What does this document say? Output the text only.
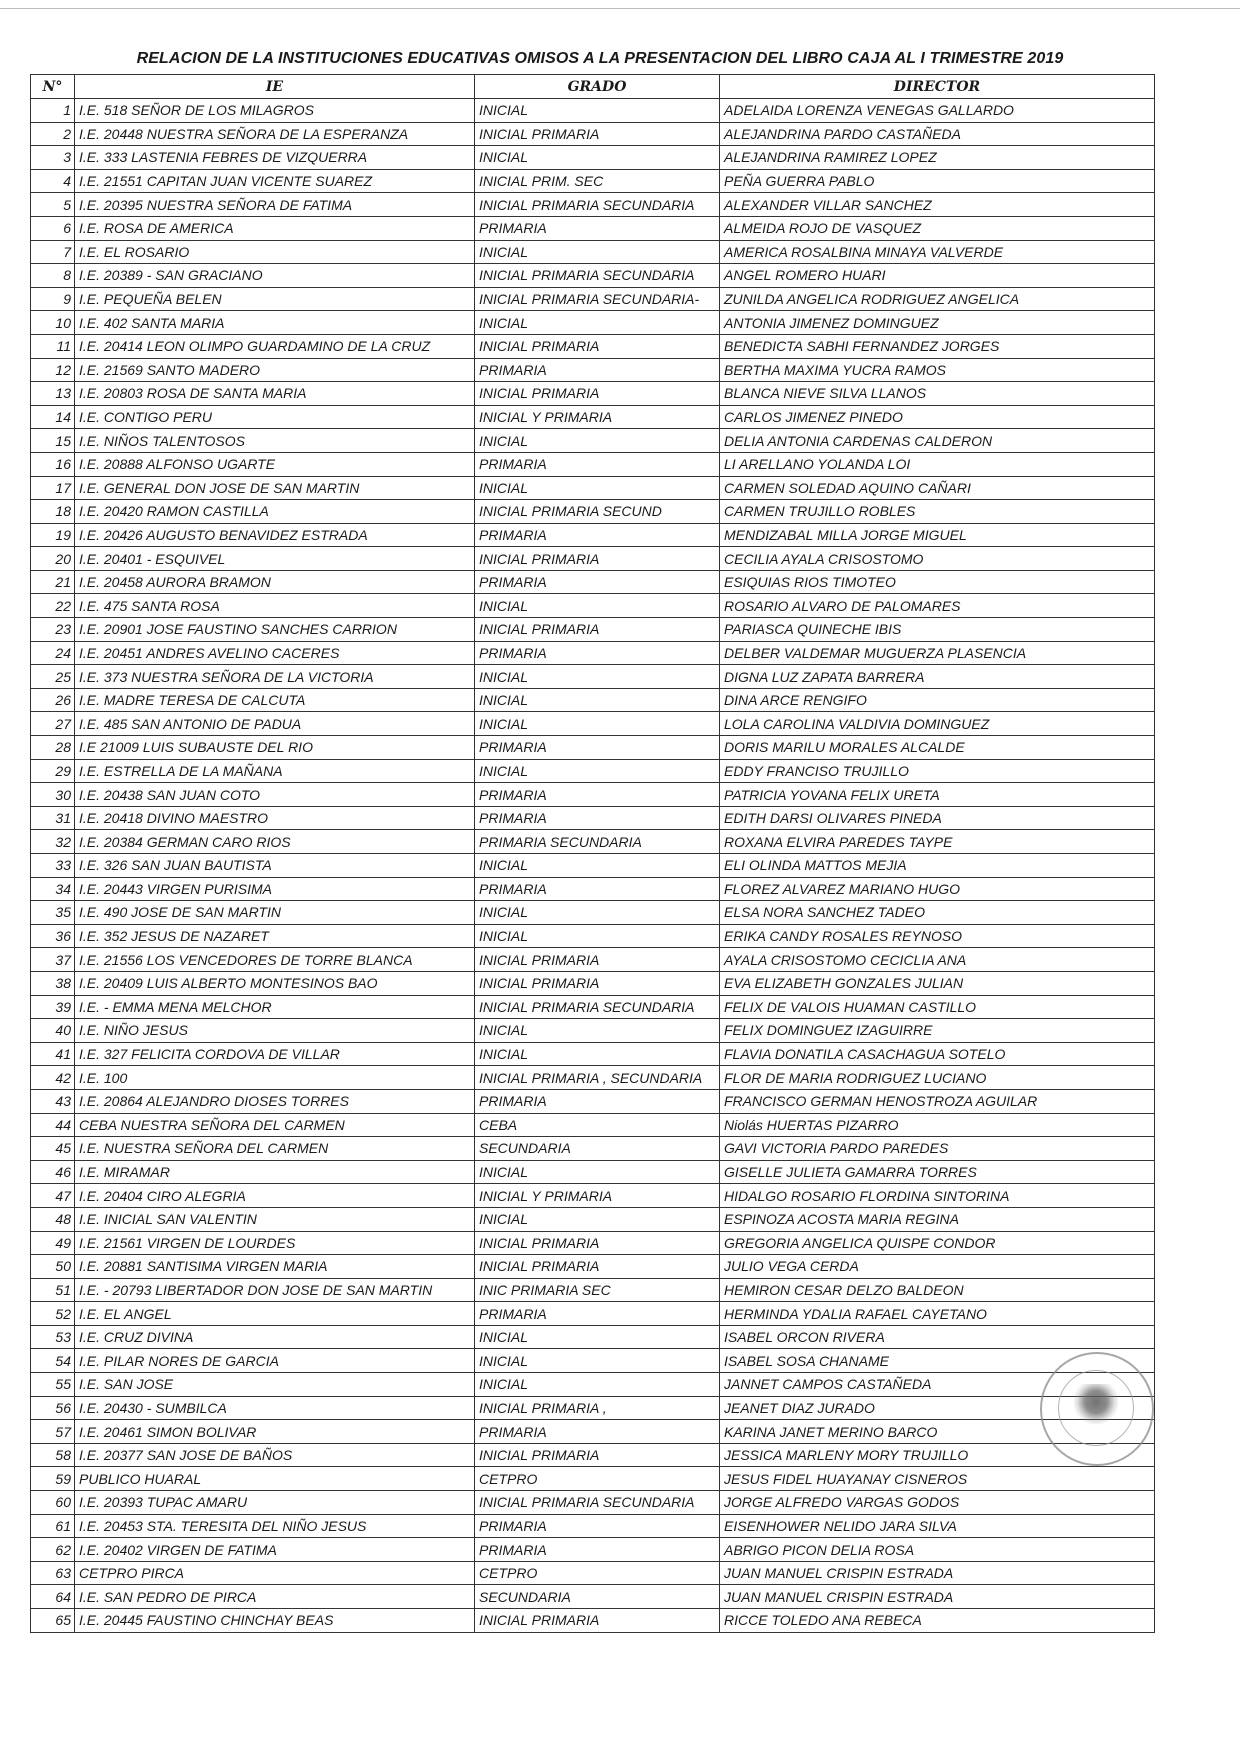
RELACION DE LA INSTITUCIONES EDUCATIVAS OMISOS A LA PRESENTACION DEL LIBRO CAJA AL I TRIMESTRE 2019
N°	IE	GRADO	DIRECTOR
1	I.E. 518 SEÑOR DE LOS MILAGROS	INICIAL	ADELAIDA LORENZA VENEGAS GALLARDO
2	I.E. 20448 NUESTRA SEÑORA DE LA ESPERANZA	INICIAL PRIMARIA	ALEJANDRINA PARDO CASTAÑEDA
3	I.E. 333 LASTENIA FEBRES DE VIZQUERRA	INICIAL	ALEJANDRINA RAMIREZ LOPEZ
4	I.E. 21551 CAPITAN JUAN VICENTE SUAREZ	INICIAL PRIM. SEC	PEÑA GUERRA PABLO
5	I.E. 20395 NUESTRA SEÑORA DE FATIMA	INICIAL PRIMARIA SECUNDARIA	ALEXANDER VILLAR SANCHEZ
6	I.E. ROSA DE AMERICA	PRIMARIA	ALMEIDA ROJO DE VASQUEZ
7	I.E. EL ROSARIO	INICIAL	AMERICA ROSALBINA MINAYA VALVERDE
8	I.E. 20389 - SAN GRACIANO	INICIAL PRIMARIA SECUNDARIA	ANGEL ROMERO HUARI
9	I.E. PEQUEÑA BELEN	INICIAL PRIMARIA SECUNDARIA-	ZUNILDA ANGELICA RODRIGUEZ ANGELICA
10	I.E. 402 SANTA MARIA	INICIAL	ANTONIA JIMENEZ DOMINGUEZ
11	I.E. 20414 LEON OLIMPO GUARDAMINO DE LA CRUZ	INICIAL PRIMARIA	BENEDICTA SABHI FERNANDEZ JORGES
12	I.E. 21569 SANTO MADERO	PRIMARIA	BERTHA MAXIMA YUCRA RAMOS
13	I.E. 20803 ROSA DE SANTA MARIA	INICIAL PRIMARIA	BLANCA NIEVE SILVA LLANOS
14	I.E. CONTIGO PERU	INICIAL Y PRIMARIA	CARLOS JIMENEZ PINEDO
15	I.E. NIÑOS TALENTOSOS	INICIAL	DELIA ANTONIA CARDENAS CALDERON
16	I.E. 20888 ALFONSO UGARTE	PRIMARIA	LI ARELLANO YOLANDA LOI
17	I.E. GENERAL DON JOSE DE SAN MARTIN	INICIAL	CARMEN SOLEDAD AQUINO CAÑARI
18	I.E. 20420 RAMON CASTILLA	INICIAL PRIMARIA SECUND	CARMEN TRUJILLO ROBLES
19	I.E. 20426 AUGUSTO BENAVIDEZ ESTRADA	PRIMARIA	MENDIZABAL MILLA JORGE MIGUEL
20	I.E. 20401 - ESQUIVEL	INICIAL PRIMARIA	CECILIA AYALA CRISOSTOMO
21	I.E. 20458 AURORA BRAMON	PRIMARIA	ESIQUIAS RIOS TIMOTEO
22	I.E. 475 SANTA ROSA	INICIAL	ROSARIO ALVARO DE PALOMARES
23	I.E. 20901 JOSE FAUSTINO SANCHES CARRION	INICIAL PRIMARIA	PARIASCA QUINECHE IBIS
24	I.E. 20451 ANDRES AVELINO CACERES	PRIMARIA	DELBER VALDEMAR MUGUERZA PLASENCIA
25	I.E. 373 NUESTRA SEÑORA DE LA VICTORIA	INICIAL	DIGNA LUZ ZAPATA BARRERA
26	I.E. MADRE TERESA DE CALCUTA	INICIAL	DINA ARCE RENGIFO
27	I.E. 485 SAN ANTONIO DE PADUA	INICIAL	LOLA CAROLINA VALDIVIA DOMINGUEZ
28	I.E 21009 LUIS SUBAUSTE DEL RIO	PRIMARIA	DORIS MARILU MORALES ALCALDE
29	I.E. ESTRELLA DE LA MAÑANA	INICIAL	EDDY FRANCISO TRUJILLO
30	I.E. 20438 SAN JUAN COTO	PRIMARIA	PATRICIA YOVANA FELIX URETA
31	I.E. 20418 DIVINO MAESTRO	PRIMARIA	EDITH DARSI OLIVARES PINEDA
32	I.E. 20384 GERMAN CARO RIOS	PRIMARIA SECUNDARIA	ROXANA ELVIRA PAREDES TAYPE
33	I.E. 326 SAN JUAN BAUTISTA	INICIAL	ELI OLINDA MATTOS MEJIA
34	I.E. 20443 VIRGEN PURISIMA	PRIMARIA	FLOREZ ALVAREZ MARIANO HUGO
35	I.E. 490 JOSE DE SAN MARTIN	INICIAL	ELSA NORA SANCHEZ TADEO
36	I.E. 352 JESUS DE NAZARET	INICIAL	ERIKA CANDY ROSALES REYNOSO
37	I.E. 21556 LOS VENCEDORES DE TORRE BLANCA	INICIAL PRIMARIA	AYALA CRISOSTOMO CECICLIA ANA
38	I.E. 20409 LUIS ALBERTO MONTESINOS BAO	INICIAL PRIMARIA	EVA ELIZABETH GONZALES JULIAN
39	I.E. - EMMA MENA MELCHOR	INICIAL PRIMARIA SECUNDARIA	FELIX DE VALOIS HUAMAN CASTILLO
40	I.E. NIÑO JESUS	INICIAL	FELIX DOMINGUEZ IZAGUIRRE
41	I.E. 327 FELICITA CORDOVA DE VILLAR	INICIAL	FLAVIA DONATILA CASACHAGUA SOTELO
42	I.E. 100	INICIAL PRIMARIA , SECUNDARIA	FLOR DE MARIA RODRIGUEZ LUCIANO
43	I.E. 20864 ALEJANDRO DIOSES TORRES	PRIMARIA	FRANCISCO GERMAN HENOSTROZA AGUILAR
44	CEBA NUESTRA SEÑORA DEL CARMEN	CEBA	Niolás HUERTAS PIZARRO
45	I.E. NUESTRA SEÑORA DEL CARMEN	SECUNDARIA	GAVI VICTORIA PARDO PAREDES
46	I.E. MIRAMAR	INICIAL	GISELLE JULIETA GAMARRA TORRES
47	I.E. 20404 CIRO ALEGRIA	INICIAL Y PRIMARIA	HIDALGO ROSARIO FLORDINA SINTORINA
48	I.E. INICIAL SAN VALENTIN	INICIAL	ESPINOZA ACOSTA MARIA REGINA
49	I.E. 21561 VIRGEN DE LOURDES	INICIAL PRIMARIA	GREGORIA ANGELICA QUISPE CONDOR
50	I.E. 20881 SANTISIMA VIRGEN MARIA	INICIAL PRIMARIA	JULIO VEGA CERDA
51	I.E. - 20793 LIBERTADOR DON JOSE DE SAN MARTIN	INIC PRIMARIA SEC	HEMIRON CESAR DELZO BALDEON
52	I.E. EL ANGEL	PRIMARIA	HERMINDA YDALIA RAFAEL CAYETANO
53	I.E. CRUZ DIVINA	INICIAL	ISABEL ORCON RIVERA
54	I.E. PILAR NORES DE GARCIA	INICIAL	ISABEL SOSA CHANAME
55	I.E. SAN JOSE	INICIAL	JANNET CAMPOS CASTAÑEDA
56	I.E. 20430 - SUMBILCA	INICIAL PRIMARIA ,	JEANET DIAZ JURADO
57	I.E. 20461 SIMON BOLIVAR	PRIMARIA	KARINA JANET MERINO BARCO
58	I.E. 20377 SAN JOSE DE BAÑOS	INICIAL PRIMARIA	JESSICA MARLENY MORY TRUJILLO
59	PUBLICO HUARAL	CETPRO	JESUS FIDEL HUAYANAY CISNEROS
60	I.E. 20393 TUPAC AMARU	INICIAL PRIMARIA SECUNDARIA	JORGE ALFREDO VARGAS GODOS
61	I.E. 20453 STA. TERESITA DEL NIÑO JESUS	PRIMARIA	EISENHOWER NELIDO JARA SILVA
62	I.E. 20402 VIRGEN DE FATIMA	PRIMARIA	ABRIGO PICON DELIA ROSA
63	CETPRO PIRCA	CETPRO	JUAN MANUEL CRISPIN ESTRADA
64	I.E. SAN PEDRO DE PIRCA	SECUNDARIA	JUAN MANUEL CRISPIN ESTRADA
65	I.E. 20445 FAUSTINO CHINCHAY BEAS	INICIAL PRIMARIA	RICCE TOLEDO ANA REBECA
